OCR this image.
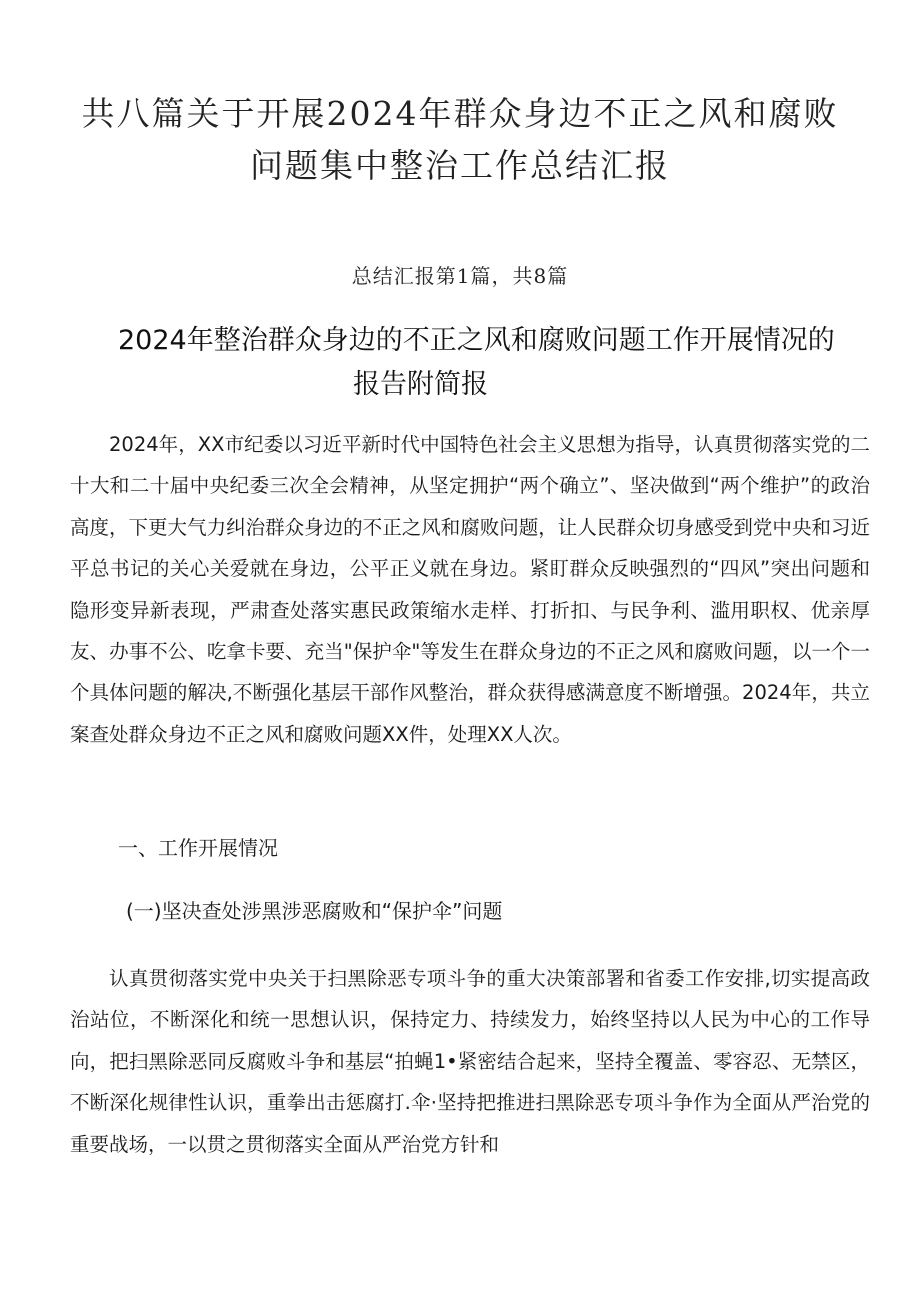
共八篇关于开展2024年群众身边不正之风和腐败问题集中整治工作总结汇报
总结汇报第1篇，共8篇
2024年整治群众身边的不正之风和腐败问题工作开展情况的
报告附简报

2024年，XX市纪委以习近平新时代中国特色社会主义思想为指导，认真贯彻落实党的二十大和二十届中央纪委三次全会精神，从坚定拥护“两个确立”、坚决做到“两个维护”的政治高度，下更大气力纠治群众身边的不正之风和腐败问题，让人民群众切身感受到党中央和习近平总书记的关心关爱就在身边，公平正义就在身边。紧盯群众反映强烈的“四风”突出问题和隐形变异新表现，严肃查处落实惠民政策缩水走样、打折扣、与民争利、滥用职权、优亲厚友、办事不公、吃拿卡要、充当"保护伞"等发生在群众身边的不正之风和腐败问题，以一个一个具体问题的解决,不断强化基层干部作风整治，群众获得感满意度不断增强。2024年，共立案查处群众身边不正之风和腐败问题XX件，处理XX人次。

一、工作开展情况
(一)坚决查处涉黑涉恶腐败和“保护伞”问题

认真贯彻落实党中央关于扫黑除恶专项斗争的重大决策部署和省委工作安排,切实提高政治站位，不断深化和统一思想认识，保持定力、持续发力，始终坚持以人民为中心的工作导向，把扫黑除恶同反腐败斗争和基层“拍蝇1•紧密结合起来，坚持全覆盖、零容忍、无禁区，不断深化规律性认识，重拳出击惩腐打.伞·坚持把推进扫黑除恶专项斗争作为全面从严治党的重要战场，一以贯之贯彻落实全面从严治党方针和
